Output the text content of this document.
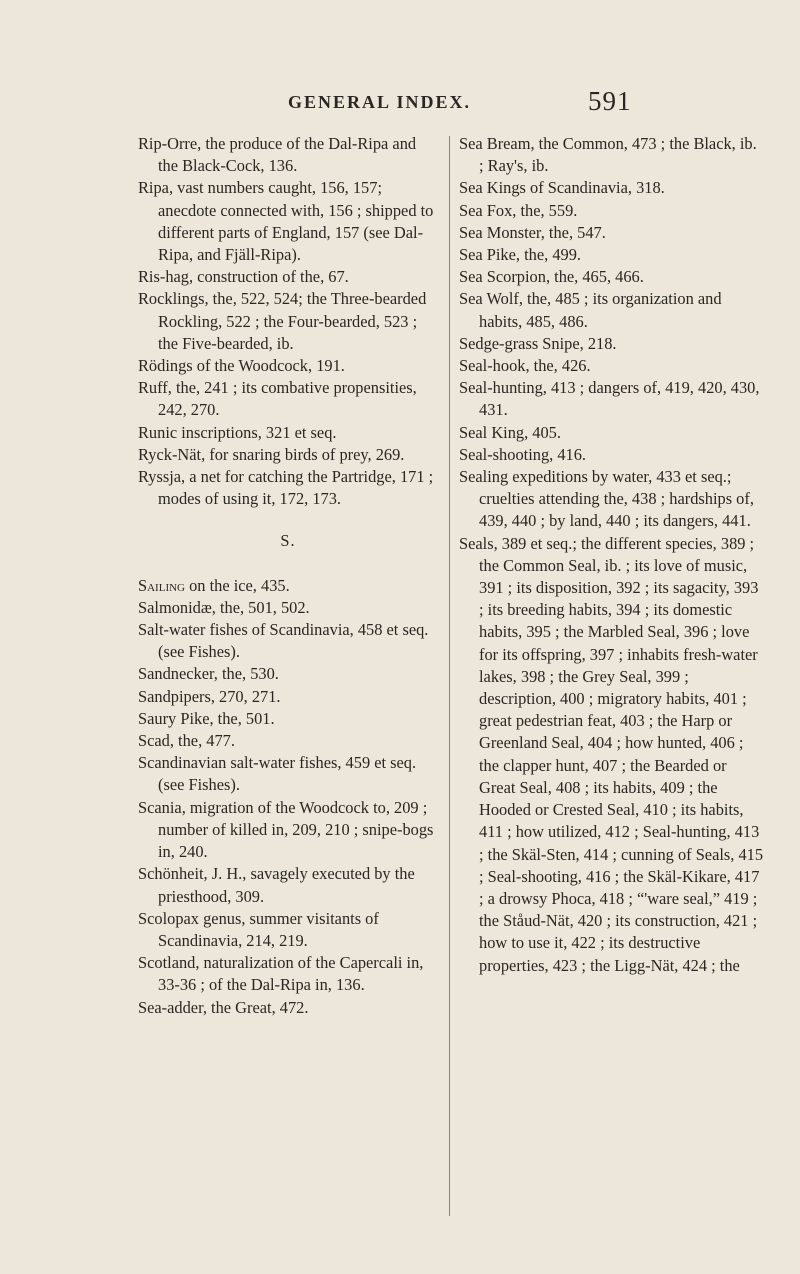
GENERAL INDEX.	591

Rip-Orre, the produce of the Dal-Ripa and the Black-Cock, 136.

Ripa, vast numbers caught, 156, 157; anecdote connected with, 156 ; shipped to different parts of England, 157 (see Dal-Ripa, and Fjäll-Ripa).

Ris-hag, construction of the, 67.

Rocklings, the, 522, 524; the Three-bearded Rockling, 522 ; the Four-bearded, 523 ; the Five-bearded, ib.

Rödings of the Woodcock, 191.

Ruff, the, 241 ; its combative propensities, 242, 270.

Runic inscriptions, 321 et seq.

Ryck-Nät, for snaring birds of prey, 269.

Ryssja, a net for catching the Partridge, 171 ; modes of using it, 172, 173.

S.

Sailing on the ice, 435.

Salmonidæ, the, 501, 502.

Salt-water fishes of Scandinavia, 458 et seq. (see Fishes).

Sandnecker, the, 530.

Sandpipers, 270, 271.

Saury Pike, the, 501.

Scad, the, 477.

Scandinavian salt-water fishes, 459 et seq. (see Fishes).

Scania, migration of the Woodcock to, 209 ; number of killed in, 209, 210 ; snipe-bogs in, 240.

Schönheit, J. H., savagely executed by the priesthood, 309.

Scolopax genus, summer visitants of Scandinavia, 214, 219.

Scotland, naturalization of the Capercali in, 33-36 ; of the Dal-Ripa in, 136.

Sea-adder, the Great, 472.

Sea Bream, the Common, 473 ; the Black, ib. ; Ray's, ib.

Sea Kings of Scandinavia, 318.

Sea Fox, the, 559.

Sea Monster, the, 547.

Sea Pike, the, 499.

Sea Scorpion, the, 465, 466.

Sea Wolf, the, 485 ; its organization and habits, 485, 486.

Sedge-grass Snipe, 218.

Seal-hook, the, 426.

Seal-hunting, 413 ; dangers of, 419, 420, 430, 431.

Seal King, 405.

Seal-shooting, 416.

Sealing expeditions by water, 433 et seq.; cruelties attending the, 438 ; hardships of, 439, 440 ; by land, 440 ; its dangers, 441.

Seals, 389 et seq.; the different species, 389 ; the Common Seal, ib. ; its love of music, 391 ; its disposition, 392 ; its sagacity, 393 ; its breeding habits, 394 ; its domestic habits, 395 ; the Marbled Seal, 396 ; love for its offspring, 397 ; inhabits fresh-water lakes, 398 ; the Grey Seal, 399 ; description, 400 ; migratory habits, 401 ; great pedestrian feat, 403 ; the Harp or Greenland Seal, 404 ; how hunted, 406 ; the clapper hunt, 407 ; the Bearded or Great Seal, 408 ; its habits, 409 ; the Hooded or Crested Seal, 410 ; its habits, 411 ; how utilized, 412 ; Seal-hunting, 413 ; the Skäl-Sten, 414 ; cunning of Seals, 415 ; Seal-shooting, 416 ; the Skäl-Kikare, 417 ; a drowsy Phoca, 418 ; “'ware seal,” 419 ; the Ståud-Nät, 420 ; its construction, 421 ; how to use it, 422 ; its destructive properties, 423 ; the Ligg-Nät, 424 ; the
